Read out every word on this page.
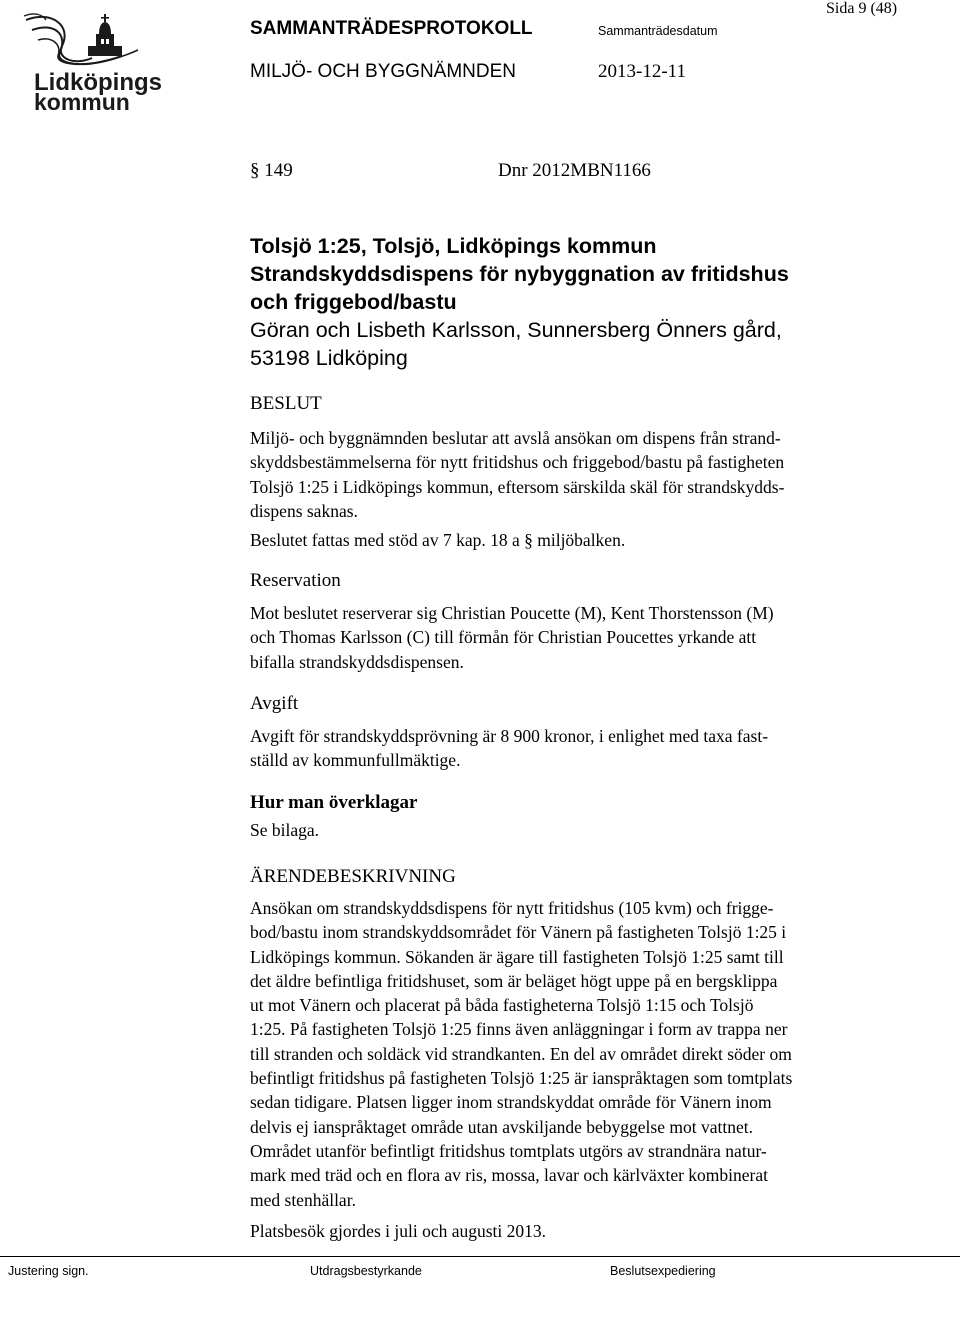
Lidköpings
kommun
SAMMANTRÄDESPROTOKOLL	Sammanträdesdatum
Sida 9 (48)
MILJÖ- OCH BYGGNÄMNDEN	2013-12-11
§ 149	Dnr 2012MBN1166
Tolsjö 1:25, Tolsjö, Lidköpings kommun
Strandskyddsdispens för nybyggnation av fritidshus
och friggebod/bastu
Göran och Lisbeth Karlsson, Sunnersberg Önners gård,
53198 Lidköping
BESLUT
Miljö- och byggnämnden beslutar att avslå ansökan om dispens från strand-
skyddsbestämmelserna för nytt fritidshus och friggebod/bastu på fastigheten
Tolsjö 1:25 i Lidköpings kommun, eftersom särskilda skäl för strandskydds-
dispens saknas.
Beslutet fattas med stöd av 7 kap. 18 a § miljöbalken.
Reservation
Mot beslutet reserverar sig Christian Poucette (M), Kent Thorstensson (M)
och Thomas Karlsson (C) till förmån för Christian Poucettes yrkande att
bifalla strandskyddsdispensen.
Avgift
Avgift för strandskyddsprövning är 8 900 kronor, i enlighet med taxa fast-
ställd av kommunfullmäktige.
Hur man överklagar
Se bilaga.
ÄRENDEBESKRIVNING
Ansökan om strandskyddsdispens för nytt fritidshus (105 kvm) och frigge-
bod/bastu inom strandskyddsområdet för Vänern på fastigheten Tolsjö 1:25 i
Lidköpings kommun. Sökanden är ägare till fastigheten Tolsjö 1:25 samt till
det äldre befintliga fritidshuset, som är beläget högt uppe på en bergsklippa
ut mot Vänern och placerat på båda fastigheterna Tolsjö 1:15 och Tolsjö
1:25. På fastigheten Tolsjö 1:25 finns även anläggningar i form av trappa ner
till stranden och soldäck vid strandkanten. En del av området direkt söder om
befintligt fritidshus på fastigheten Tolsjö 1:25 är ianspråktagen som tomtplats
sedan tidigare. Platsen ligger inom strandskyddat område för Vänern inom
delvis ej ianspråktaget område utan avskiljande bebyggelse mot vattnet.
Området utanför befintligt fritidshus tomtplats utgörs av strandnära natur-
mark med träd och en flora av ris, mossa, lavar och kärlväxter kombinerat
med stenhällar.
Platsbesök gjordes i juli och augusti 2013.
Justering sign.	Utdragsbestyrkande	Beslutsexpediering
